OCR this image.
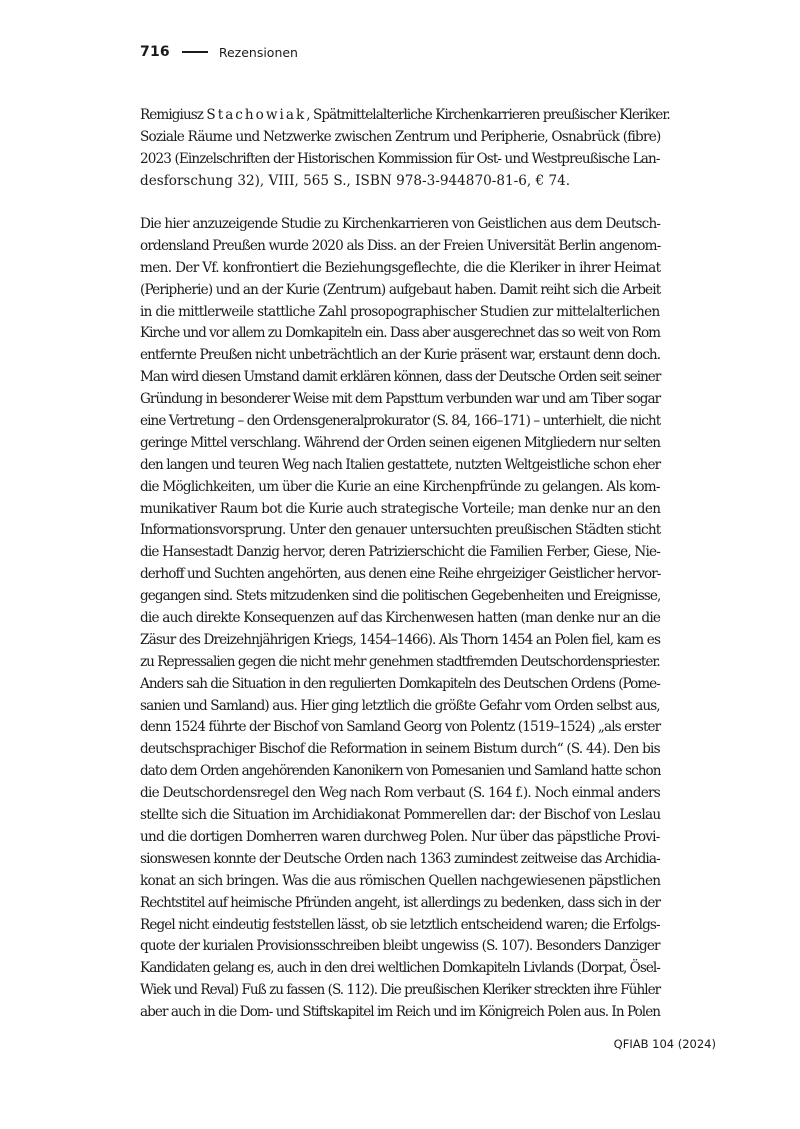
716	Rezensionen
Remigiusz Stachowiak, Spätmittelalterliche Kirchenkarrieren preußischer Kleriker.
Soziale Räume und Netzwerke zwischen Zentrum und Peripherie, Osnabrück (fibre)
2023 (Einzelschriften der Historischen Kommission für Ost- und Westpreußische Lan-
desforschung 32), VIII, 565 S., ISBN 978-3-944870-81-6, € 74.
Die hier anzuzeigende Studie zu Kirchenkarrieren von Geistlichen aus dem Deutsch-
ordensland Preußen wurde 2020 als Diss. an der Freien Universität Berlin angenom-
men. Der Vf. konfrontiert die Beziehungsgeflechte, die die Kleriker in ihrer Heimat
(Peripherie) und an der Kurie (Zentrum) aufgebaut haben. Damit reiht sich die Arbeit
in die mittlerweile stattliche Zahl prosopographischer Studien zur mittelalterlichen
Kirche und vor allem zu Domkapiteln ein. Dass aber ausgerechnet das so weit von Rom
entfernte Preußen nicht unbeträchtlich an der Kurie präsent war, erstaunt denn doch.
Man wird diesen Umstand damit erklären können, dass der Deutsche Orden seit seiner
Gründung in besonderer Weise mit dem Papsttum verbunden war und am Tiber sogar
eine Vertretung – den Ordensgeneralprokurator (S. 84, 166–171) – unterhielt, die nicht
geringe Mittel verschlang. Während der Orden seinen eigenen Mitgliedern nur selten
den langen und teuren Weg nach Italien gestattete, nutzten Weltgeistliche schon eher
die Möglichkeiten, um über die Kurie an eine Kirchenpfründe zu gelangen. Als kom-
munikativer Raum bot die Kurie auch strategische Vorteile; man denke nur an den
Informationsvorsprung. Unter den genauer untersuchten preußischen Städten sticht
die Hansestadt Danzig hervor, deren Patrizierschicht die Familien Ferber, Giese, Nie-
derhoff und Suchten angehörten, aus denen eine Reihe ehrgeiziger Geistlicher hervor-
gegangen sind. Stets mitzudenken sind die politischen Gegebenheiten und Ereignisse,
die auch direkte Konsequenzen auf das Kirchenwesen hatten (man denke nur an die
Zäsur des Dreizehnjährigen Kriegs, 1454–1466). Als Thorn 1454 an Polen fiel, kam es
zu Repressalien gegen die nicht mehr genehmen stadtfremden Deutschordenspriester.
Anders sah die Situation in den regulierten Domkapiteln des Deutschen Ordens (Pome-
sanien und Samland) aus. Hier ging letztlich die größte Gefahr vom Orden selbst aus,
denn 1524 führte der Bischof von Samland Georg von Polentz (1519–1524) „als erster
deutschsprachiger Bischof die Reformation in seinem Bistum durch“ (S. 44). Den bis
dato dem Orden angehörenden Kanonikern von Pomesanien und Samland hatte schon
die Deutschordensregel den Weg nach Rom verbaut (S. 164 f.). Noch einmal anders
stellte sich die Situation im Archidiakonat Pommerellen dar: der Bischof von Leslau
und die dortigen Domherren waren durchweg Polen. Nur über das päpstliche Provi-
sionswesen konnte der Deutsche Orden nach 1363 zumindest zeitweise das Archidia-
konat an sich bringen. Was die aus römischen Quellen nachgewiesenen päpstlichen
Rechtstitel auf heimische Pfründen angeht, ist allerdings zu bedenken, dass sich in der
Regel nicht eindeutig feststellen lässt, ob sie letztlich entscheidend waren; die Erfolgs-
quote der kurialen Provisionsschreiben bleibt ungewiss (S. 107). Besonders Danziger
Kandidaten gelang es, auch in den drei weltlichen Domkapiteln Livlands (Dorpat, Ösel-
Wiek und Reval) Fuß zu fassen (S. 112). Die preußischen Kleriker streckten ihre Fühler
aber auch in die Dom- und Stiftskapitel im Reich und im Königreich Polen aus. In Polen
QFIAB 104 (2024)
